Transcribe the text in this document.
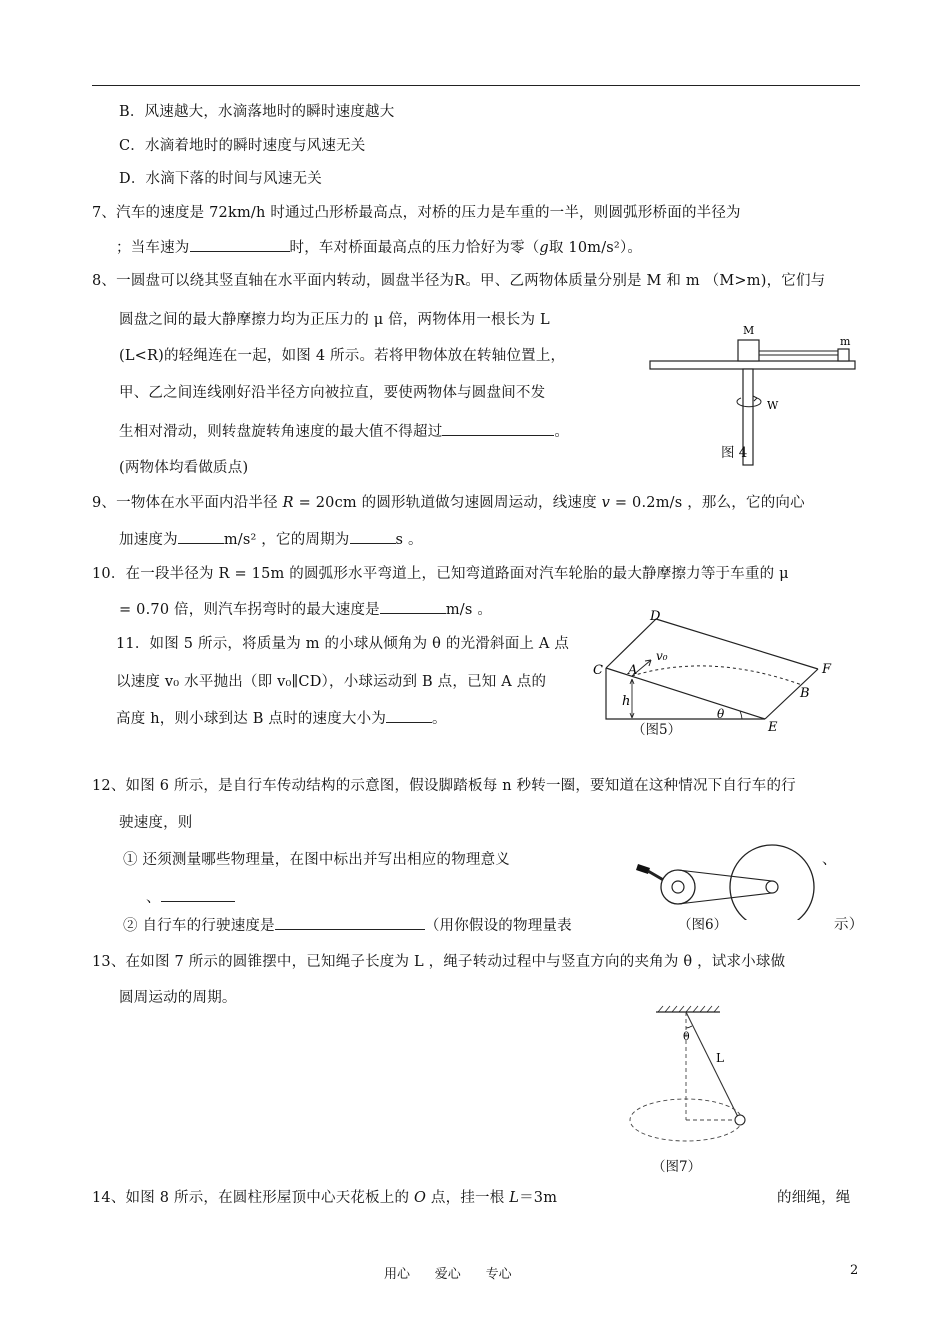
B．风速越大，水滴落地时的瞬时速度越大
C．水滴着地时的瞬时速度与风速无关
D．水滴下落的时间与风速无关
7、汽车的速度是 72km/h 时通过凸形桥最高点，对桥的压力是车重的一半，则圆弧形桥面的半径为
；当车速为	时，车对桥面最高点的压力恰好为零（g取 10m/s²）。
8、一圆盘可以绕其竖直轴在水平面内转动，圆盘半径为R。甲、乙两物体质量分别是 M 和 m （M>m)，它们与
圆盘之间的最大静摩擦力均为正压力的 μ 倍，两物体用一根长为 L
(L<R)的轻绳连在一起，如图 4 所示。若将甲物体放在转轴位置上，
甲、乙之间连线刚好沿半径方向被拉直，要使两物体与圆盘间不发
生相对滑动，则转盘旋转角速度的最大值不得超过	。
(两物体均看做质点)
M
m
W
图 4
9、一物体在水平面内沿半径 R = 20cm 的圆形轨道做匀速圆周运动，线速度 v = 0.2m/s ，那么，它的向心
加速度为	m/s² ，它的周期为	s 。
10．在一段半径为 R = 15m 的圆弧形水平弯道上，已知弯道路面对汽车轮胎的最大静摩擦力等于车重的 μ
= 0.70 倍，则汽车拐弯时的最大速度是	m/s 。
11．如图 5 所示，将质量为 m 的小球从倾角为 θ 的光滑斜面上 A 点
以速度 v₀ 水平抛出（即 v₀∥CD），小球运动到 B 点，已知 A 点的
高度 h，则小球到达 B 点时的速度大小为	。
D
C A
v₀
F
B
h
θ
E
（图5）
12、如图 6 所示，是自行车传动结构的示意图，假设脚踏板每 n 秒转一圈，要知道在这种情况下自行车的行
驶速度，则
① 还须测量哪些物理量，在图中标出并写出相应的物理意义	、
、
② 自行车的行驶速度是	（用你假设的物理量表	示）
（图6）
13、在如图 7 所示的圆锥摆中，已知绳子长度为 L ，绳子转动过程中与竖直方向的夹角为 θ ，试求小球做
圆周运动的周期。
θ
L
（图7）
14、如图 8 所示，在圆柱形屋顶中心天花板上的 O 点，挂一根 L＝3m	的细绳，绳
用心      爱心      专心	2
